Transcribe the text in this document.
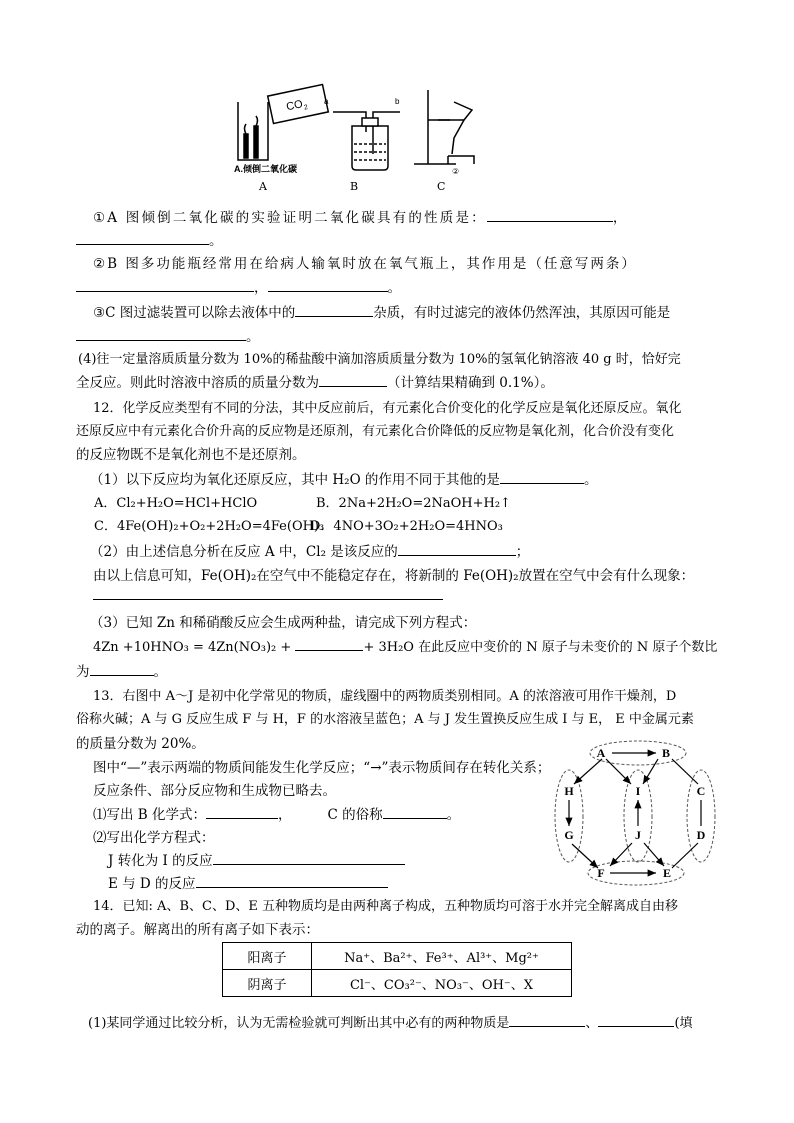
CO 2
A.倾倒二氧化碳
a	b
②
A	B	C
①A 图倾倒二氧化碳的实验证明二氧化碳具有的性质是：	，
。
②B 图多功能瓶经常用在给病人输氧时放在氧气瓶上，其作用是（任意写两条）
，	。
③C 图过滤装置可以除去液体中的	杂质，有时过滤完的液体仍然浑浊，其原因可能是
。
(4)往一定量溶质质量分数为 10%的稀盐酸中滴加溶质质量分数为 10%的氢氧化钠溶液 40 g 时，恰好完
全反应。则此时溶液中溶质的质量分数为	（计算结果精确到 0.1%）。
12．化学反应类型有不同的分法，其中反应前后，有元素化合价变化的化学反应是氧化还原反应。氧化
还原反应中有元素化合价升高的反应物是还原剂，有元素化合价降低的反应物是氧化剂，化合价没有变化
的反应物既不是氧化剂也不是还原剂。
（1）以下反应均为氧化还原反应，其中 H₂O 的作用不同于其他的是	。
A．Cl₂+H₂O=HCl+HClO	B．2Na+2H₂O=2NaOH+H₂↑
C．4Fe(OH)₂+O₂+2H₂O=4Fe(OH)₃
D．4NO+3O₂+2H₂O=4HNO₃
（2）由上述信息分析在反应 A 中，Cl₂ 是该反应的	；
由以上信息可知，Fe(OH)₂在空气中不能稳定存在，将新制的 Fe(OH)₂放置在空气中会有什么现象：
（3）已知 Zn 和稀硝酸反应会生成两种盐，请完成下列方程式：
4Zn +10HNO₃ = 4Zn(NO₃)₂ +	+ 3H₂O 在此反应中变价的 N 原子与未变价的 N 原子个数比
为	。
13．右图中 A～J 是初中化学常见的物质，虚线圈中的两物质类别相同。A 的浓溶液可用作干燥剂，D
俗称火碱；A 与 G 反应生成 F 与 H，F 的水溶液呈蓝色；A 与 J 发生置换反应生成 I 与 E， E 中金属元素
的质量分数为 20%。
图中“—”表示两端的物质间能发生化学反应；“→”表示物质间存在转化关系；
反应条件、部分反应物和生成物已略去。
⑴写出 B 化学式：	，	C 的俗称	。
⑵写出化学方程式：
J 转化为 I 的反应
E 与 D 的反应
A	B
C
D
E
F
G
H	I
J
14．已知: A、B、C、D、E 五种物质均是由两种离子构成，五种物质均可溶于水并完全解离成自由移
动的离子。解离出的所有离子如下表示：
阳离子	Na⁺、Ba²⁺、Fe³⁺、Al³⁺、Mg²⁺
阴离子	Cl⁻、CO₃²⁻、NO₃⁻、OH⁻、X
(1)某同学通过比较分析，认为无需检验就可判断出其中必有的两种物质是	、	(填
